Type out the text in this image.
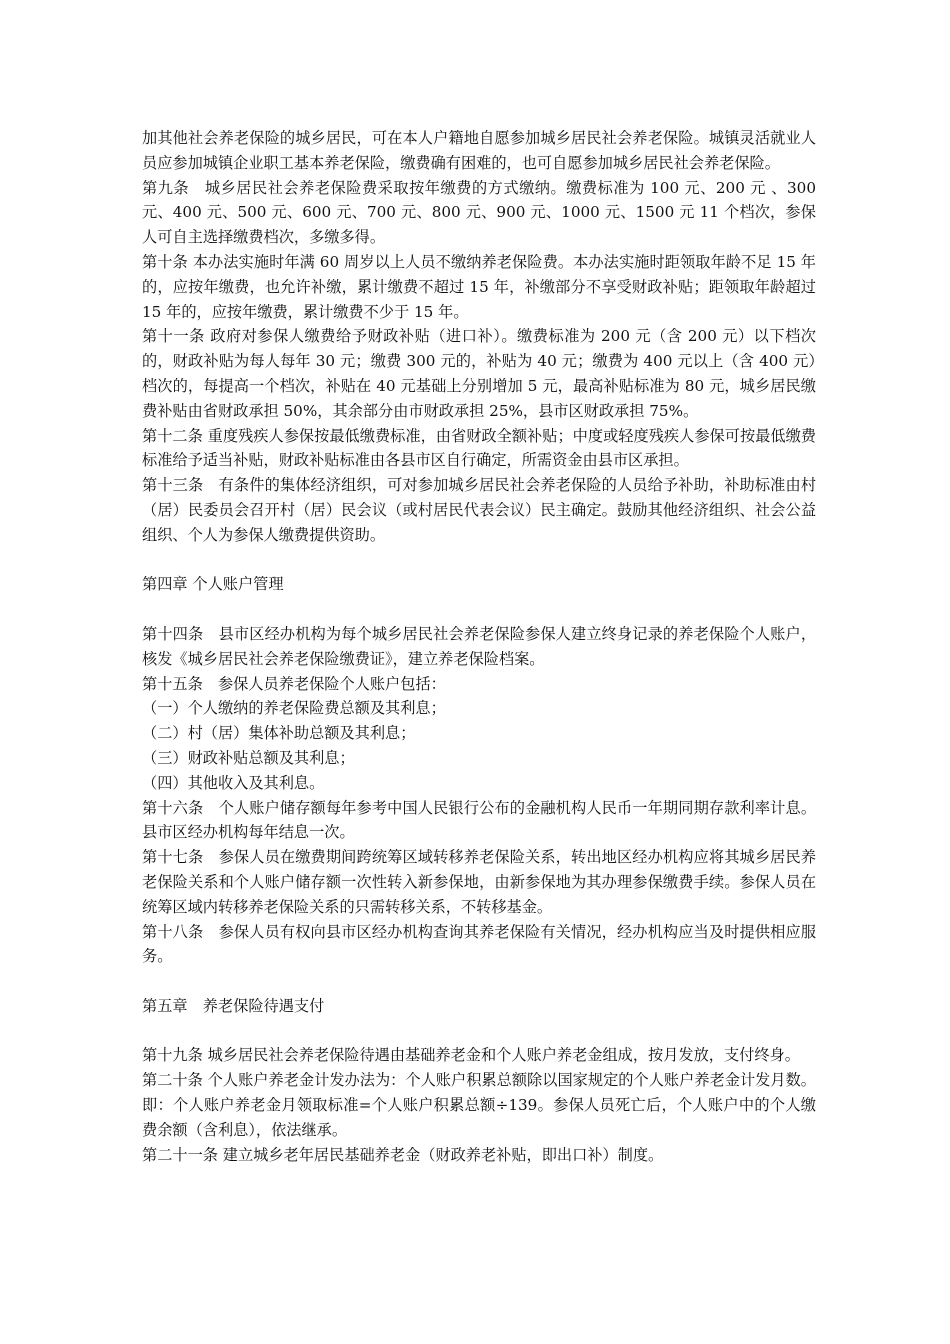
加其他社会养老保险的城乡居民，可在本人户籍地自愿参加城乡居民社会养老保险。城镇灵活就业人员应参加城镇企业职工基本养老保险，缴费确有困难的，也可自愿参加城乡居民社会养老保险。

第九条　城乡居民社会养老保险费采取按年缴费的方式缴纳。缴费标准为 100 元、200 元 、300 元、400 元、500 元、600 元、700 元、800 元、900 元、1000 元、1500 元 11 个档次，参保人可自主选择缴费档次，多缴多得。

第十条 本办法实施时年满 60 周岁以上人员不缴纳养老保险费。本办法实施时距领取年龄不足 15 年的，应按年缴费，也允许补缴，累计缴费不超过 15 年，补缴部分不享受财政补贴；距领取年龄超过 15 年的，应按年缴费，累计缴费不少于 15 年。

第十一条 政府对参保人缴费给予财政补贴（进口补）。缴费标准为 200 元（含 200 元）以下档次的，财政补贴为每人每年 30 元；缴费 300 元的，补贴为 40 元；缴费为 400 元以上（含 400 元）档次的，每提高一个档次，补贴在 40 元基础上分别增加 5 元，最高补贴标准为 80 元，城乡居民缴费补贴由省财政承担 50%，其余部分由市财政承担 25%，县市区财政承担 75%。

第十二条 重度残疾人参保按最低缴费标准，由省财政全额补贴；中度或轻度残疾人参保可按最低缴费标准给予适当补贴，财政补贴标准由各县市区自行确定，所需资金由县市区承担。

第十三条　有条件的集体经济组织，可对参加城乡居民社会养老保险的人员给予补助，补助标准由村（居）民委员会召开村（居）民会议（或村居民代表会议）民主确定。鼓励其他经济组织、社会公益组织、个人为参保人缴费提供资助。

第四章 个人账户管理

第十四条　县市区经办机构为每个城乡居民社会养老保险参保人建立终身记录的养老保险个人账户，核发《城乡居民社会养老保险缴费证》，建立养老保险档案。

第十五条　参保人员养老保险个人账户包括：

（一）个人缴纳的养老保险费总额及其利息；

（二）村（居）集体补助总额及其利息；

（三）财政补贴总额及其利息；

（四）其他收入及其利息。

第十六条　个人账户储存额每年参考中国人民银行公布的金融机构人民币一年期同期存款利率计息。县市区经办机构每年结息一次。

第十七条　参保人员在缴费期间跨统筹区域转移养老保险关系，转出地区经办机构应将其城乡居民养老保险关系和个人账户储存额一次性转入新参保地，由新参保地为其办理参保缴费手续。参保人员在统筹区域内转移养老保险关系的只需转移关系，不转移基金。

第十八条　参保人员有权向县市区经办机构查询其养老保险有关情况，经办机构应当及时提供相应服务。

第五章　养老保险待遇支付

第十九条 城乡居民社会养老保险待遇由基础养老金和个人账户养老金组成，按月发放，支付终身。

第二十条 个人账户养老金计发办法为：个人账户积累总额除以国家规定的个人账户养老金计发月数。即：个人账户养老金月领取标准=个人账户积累总额÷139。参保人员死亡后，个人账户中的个人缴费余额（含利息），依法继承。

第二十一条 建立城乡老年居民基础养老金（财政养老补贴，即出口补）制度。
